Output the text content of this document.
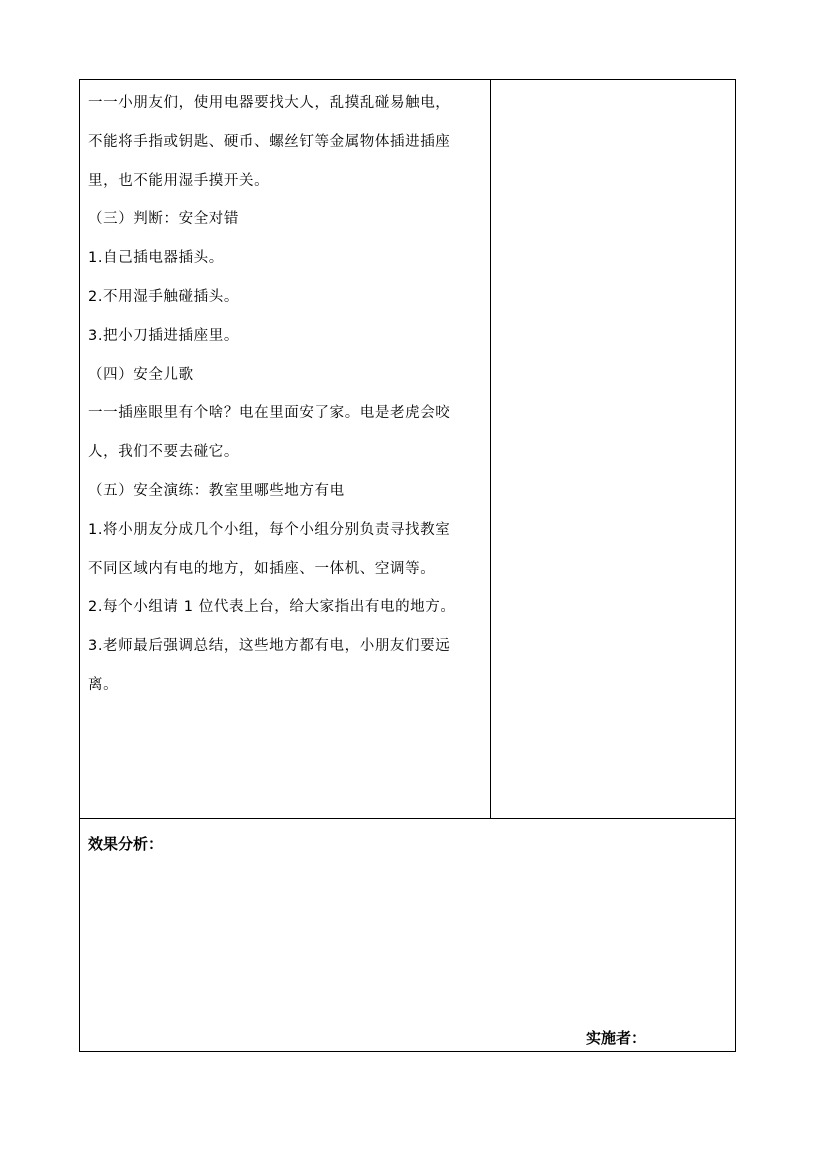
一一小朋友们，使用电器要找大人，乱摸乱碰易触电，

不能将手指或钥匙、硬币、螺丝钉等金属物体插进插座

里，也不能用湿手摸开关。

（三）判断：安全对错

1.自己插电器插头。

2.不用湿手触碰插头。

3.把小刀插进插座里。

（四）安全儿歌

一一插座眼里有个啥？电在里面安了家。电是老虎会咬

人，我们不要去碰它。

（五）安全演练：教室里哪些地方有电

1.将小朋友分成几个小组，每个小组分别负责寻找教室

不同区域内有电的地方，如插座、一体机、空调等。

2.每个小组请 1 位代表上台，给大家指出有电的地方。

3.老师最后强调总结，这些地方都有电，小朋友们要远

离。

效果分析：
实施者：
